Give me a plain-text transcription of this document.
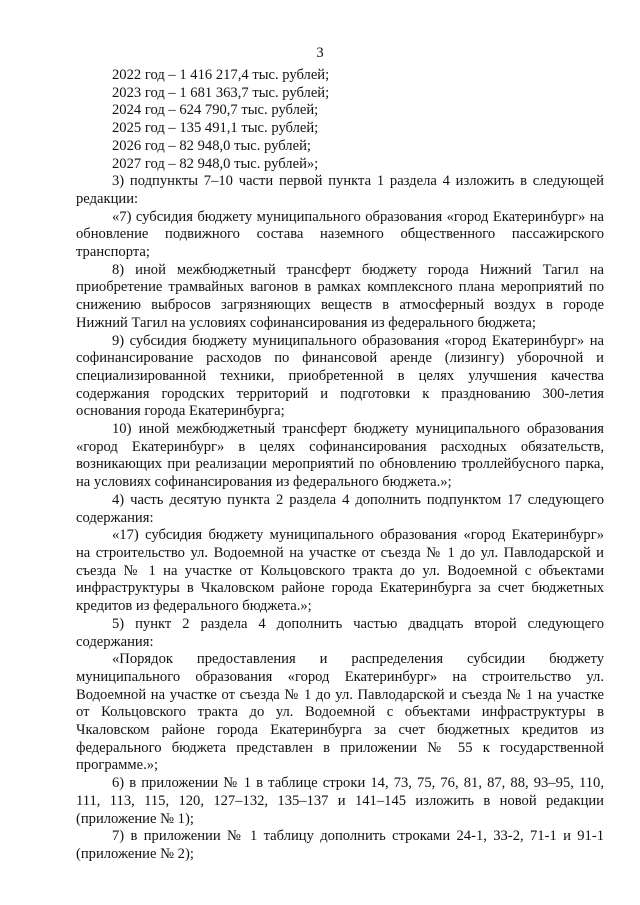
3
2022 год – 1 416 217,4 тыс. рублей;
2023 год – 1 681 363,7 тыс. рублей;
2024 год – 624 790,7 тыс. рублей;
2025 год – 135 491,1 тыс. рублей;
2026 год – 82 948,0 тыс. рублей;
2027 год – 82 948,0 тыс. рублей»;

3) подпункты 7–10 части первой пункта 1 раздела 4 изложить в следующей редакции:

«7) субсидия бюджету муниципального образования «город Екатеринбург» на обновление подвижного состава наземного общественного пассажирского транспорта;

8) иной межбюджетный трансферт бюджету города Нижний Тагил на приобретение трамвайных вагонов в рамках комплексного плана мероприятий по снижению выбросов загрязняющих веществ в атмосферный воздух в городе Нижний Тагил на условиях софинансирования из федерального бюджета;

9) субсидия бюджету муниципального образования «город Екатеринбург» на софинансирование расходов по финансовой аренде (лизингу) уборочной и специализированной техники, приобретенной в целях улучшения качества содержания городских территорий и подготовки к празднованию 300-летия основания города Екатеринбурга;

10) иной межбюджетный трансферт бюджету муниципального образования «город Екатеринбург» в целях софинансирования расходных обязательств, возникающих при реализации мероприятий по обновлению троллейбусного парка, на условиях софинансирования из федерального бюджета.»;

4) часть десятую пункта 2 раздела 4 дополнить подпунктом 17 следующего содержания:

«17) субсидия бюджету муниципального образования «город Екатеринбург» на строительство ул. Водоемной на участке от съезда № 1 до ул. Павлодарской и съезда № 1 на участке от Кольцовского тракта до ул. Водоемной с объектами инфраструктуры в Чкаловском районе города Екатеринбурга за счет бюджетных кредитов из федерального бюджета.»;

5) пункт 2 раздела 4 дополнить частью двадцать второй следующего содержания:

«Порядок предоставления и распределения субсидии бюджету муниципального образования «город Екатеринбург» на строительство ул. Водоемной на участке от съезда № 1 до ул. Павлодарской и съезда № 1 на участке от Кольцовского тракта до ул. Водоемной с объектами инфраструктуры в Чкаловском районе города Екатеринбурга за счет бюджетных кредитов из федерального бюджета представлен в приложении № 55 к государственной программе.»;

6) в приложении № 1 в таблице строки 14, 73, 75, 76, 81, 87, 88, 93–95, 110, 111, 113, 115, 120, 127–132, 135–137 и 141–145 изложить в новой редакции (приложение № 1);

7) в приложении № 1 таблицу дополнить строками 24-1, 33-2, 71-1 и 91-1 (приложение № 2);
